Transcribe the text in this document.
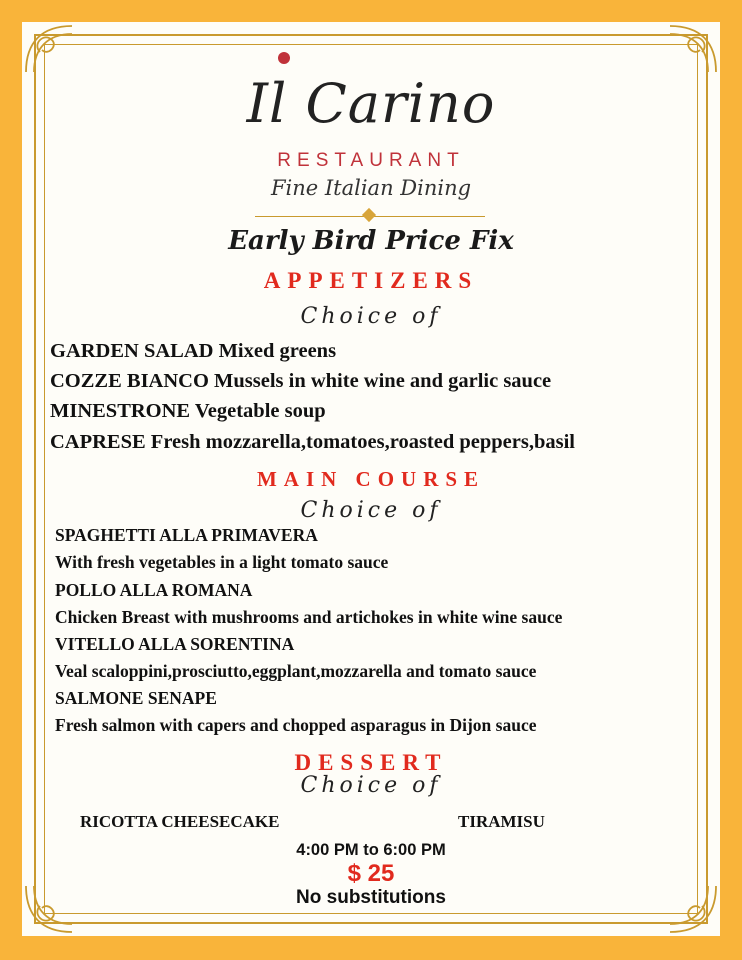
Il Carino
RESTAURANT
Fine Italian Dining
Early Bird Price Fix
APPETIZERS
Choice of
GARDEN SALAD Mixed greens
COZZE BIANCO Mussels in white wine and garlic sauce
MINESTRONE Vegetable soup
CAPRESE Fresh mozzarella,tomatoes,roasted peppers,basil
MAIN COURSE
Choice of
SPAGHETTI ALLA PRIMAVERA
With fresh vegetables in a light tomato sauce
POLLO ALLA ROMANA
Chicken Breast with mushrooms and artichokes in white wine sauce
VITELLO ALLA SORENTINA
Veal scaloppini,prosciutto,eggplant,mozzarella and tomato sauce
SALMONE SENAPE
Fresh salmon with capers and chopped asparagus in Dijon sauce
DESSERT
Choice of
RICOTTA CHEESECAKE	TIRAMISU
4:00 PM to 6:00 PM
$ 25
No substitutions
